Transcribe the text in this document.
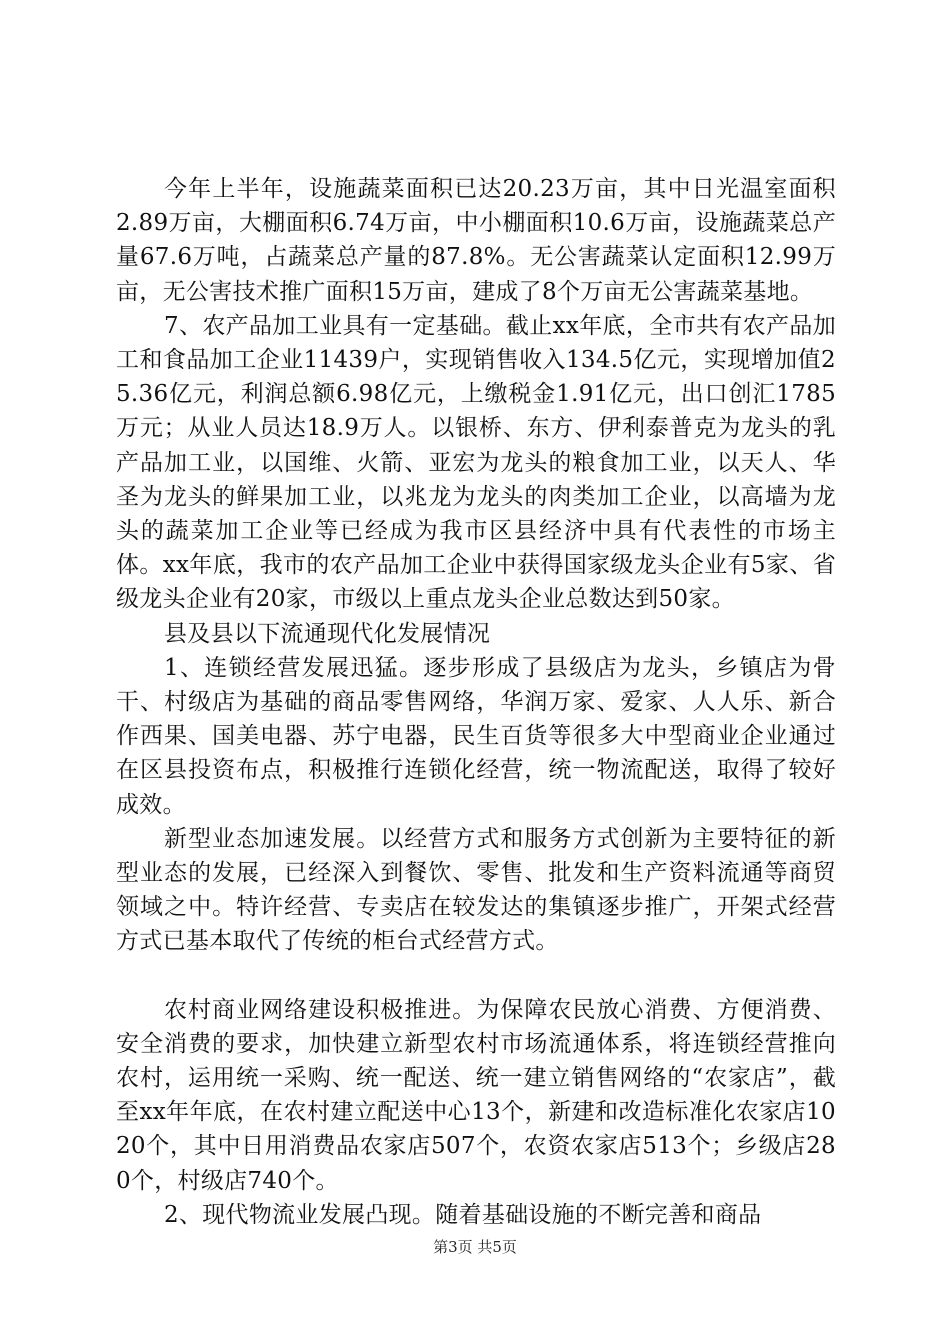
今年上半年，设施蔬菜面积已达20.23万亩，其中日光温室面积2.89万亩，大棚面积6.74万亩，中小棚面积10.6万亩，设施蔬菜总产量67.6万吨，占蔬菜总产量的87.8%。无公害蔬菜认定面积12.99万亩，无公害技术推广面积15万亩，建成了8个万亩无公害蔬菜基地。

7、农产品加工业具有一定基础。截止xx年底，全市共有农产品加工和食品加工企业11439户，实现销售收入134.5亿元，实现增加值25.36亿元，利润总额6.98亿元，上缴税金1.91亿元，出口创汇1785万元；从业人员达18.9万人。以银桥、东方、伊利泰普克为龙头的乳产品加工业，以国维、火箭、亚宏为龙头的粮食加工业，以天人、华圣为龙头的鲜果加工业，以兆龙为龙头的肉类加工企业，以高墙为龙头的蔬菜加工企业等已经成为我市区县经济中具有代表性的市场主体。xx年底，我市的农产品加工企业中获得国家级龙头企业有5家、省级龙头企业有20家，市级以上重点龙头企业总数达到50家。

县及县以下流通现代化发展情况

1、连锁经营发展迅猛。逐步形成了县级店为龙头，乡镇店为骨干、村级店为基础的商品零售网络，华润万家、爱家、人人乐、新合作西果、国美电器、苏宁电器，民生百货等很多大中型商业企业通过在区县投资布点，积极推行连锁化经营，统一物流配送，取得了较好成效。

新型业态加速发展。以经营方式和服务方式创新为主要特征的新型业态的发展，已经深入到餐饮、零售、批发和生产资料流通等商贸领域之中。特许经营、专卖店在较发达的集镇逐步推广，开架式经营方式已基本取代了传统的柜台式经营方式。

农村商业网络建设积极推进。为保障农民放心消费、方便消费、安全消费的要求，加快建立新型农村市场流通体系，将连锁经营推向农村，运用统一采购、统一配送、统一建立销售网络的“农家店”，截至xx年年底，在农村建立配送中心13个，新建和改造标准化农家店1020个，其中日用消费品农家店507个，农资农家店513个；乡级店280个，村级店740个。

2、现代物流业发展凸现。随着基础设施的不断完善和商品

第3页 共5页
